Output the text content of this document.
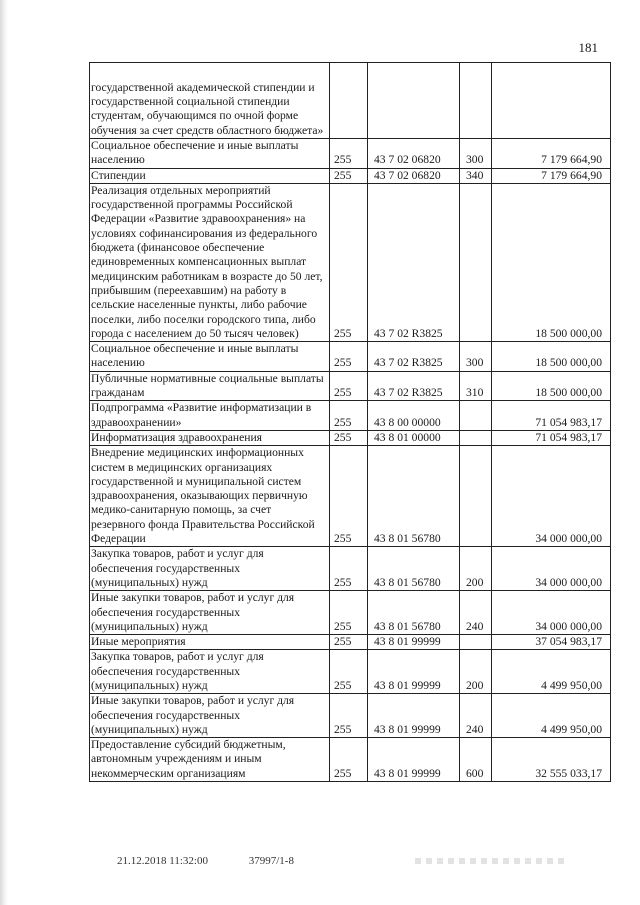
181
государственной академической стипендии и государственной социальной стипендии студентам, обучающимся по очной форме обучения за счет средств областного бюджета»				
Социальное обеспечение и иные выплаты населению	255	43 7 02 06820	300	7 179 664,90
Стипендии	255	43 7 02 06820	340	7 179 664,90
Реализация отдельных мероприятий государственной программы Российской Федерации «Развитие здравоохранения» на условиях софинансирования из федерального бюджета (финансовое обеспечение единовременных компенсационных выплат медицинским работникам в возрасте до 50 лет, прибывшим (переехавшим) на работу в сельские населенные пункты, либо рабочие поселки, либо поселки городского типа, либо города с населением до 50 тысяч человек)	255	43 7 02 R3825		18 500 000,00
Социальное обеспечение и иные выплаты населению	255	43 7 02 R3825	300	18 500 000,00
Публичные нормативные социальные выплаты гражданам	255	43 7 02 R3825	310	18 500 000,00
Подпрограмма «Развитие информатизации в здравоохранении»	255	43 8 00 00000		71 054 983,17
Информатизация здравоохранения	255	43 8 01 00000		71 054 983,17
Внедрение медицинских информационных систем в медицинских организациях государственной и муниципальной систем здравоохранения, оказывающих первичную медико-санитарную помощь, за счет резервного фонда Правительства Российской Федерации	255	43 8 01 56780		34 000 000,00
Закупка товаров, работ и услуг для обеспечения государственных (муниципальных) нужд	255	43 8 01 56780	200	34 000 000,00
Иные закупки товаров, работ и услуг для обеспечения государственных (муниципальных) нужд	255	43 8 01 56780	240	34 000 000,00
Иные мероприятия	255	43 8 01 99999		37 054 983,17
Закупка товаров, работ и услуг для обеспечения государственных (муниципальных) нужд	255	43 8 01 99999	200	4 499 950,00
Иные закупки товаров, работ и услуг для обеспечения государственных (муниципальных) нужд	255	43 8 01 99999	240	4 499 950,00
Предоставление субсидий бюджетным, автономным учреждениям и иным некоммерческим организациям	255	43 8 01 99999	600	32 555 033,17
21.12.2018 11:32:00	37997/1-8
